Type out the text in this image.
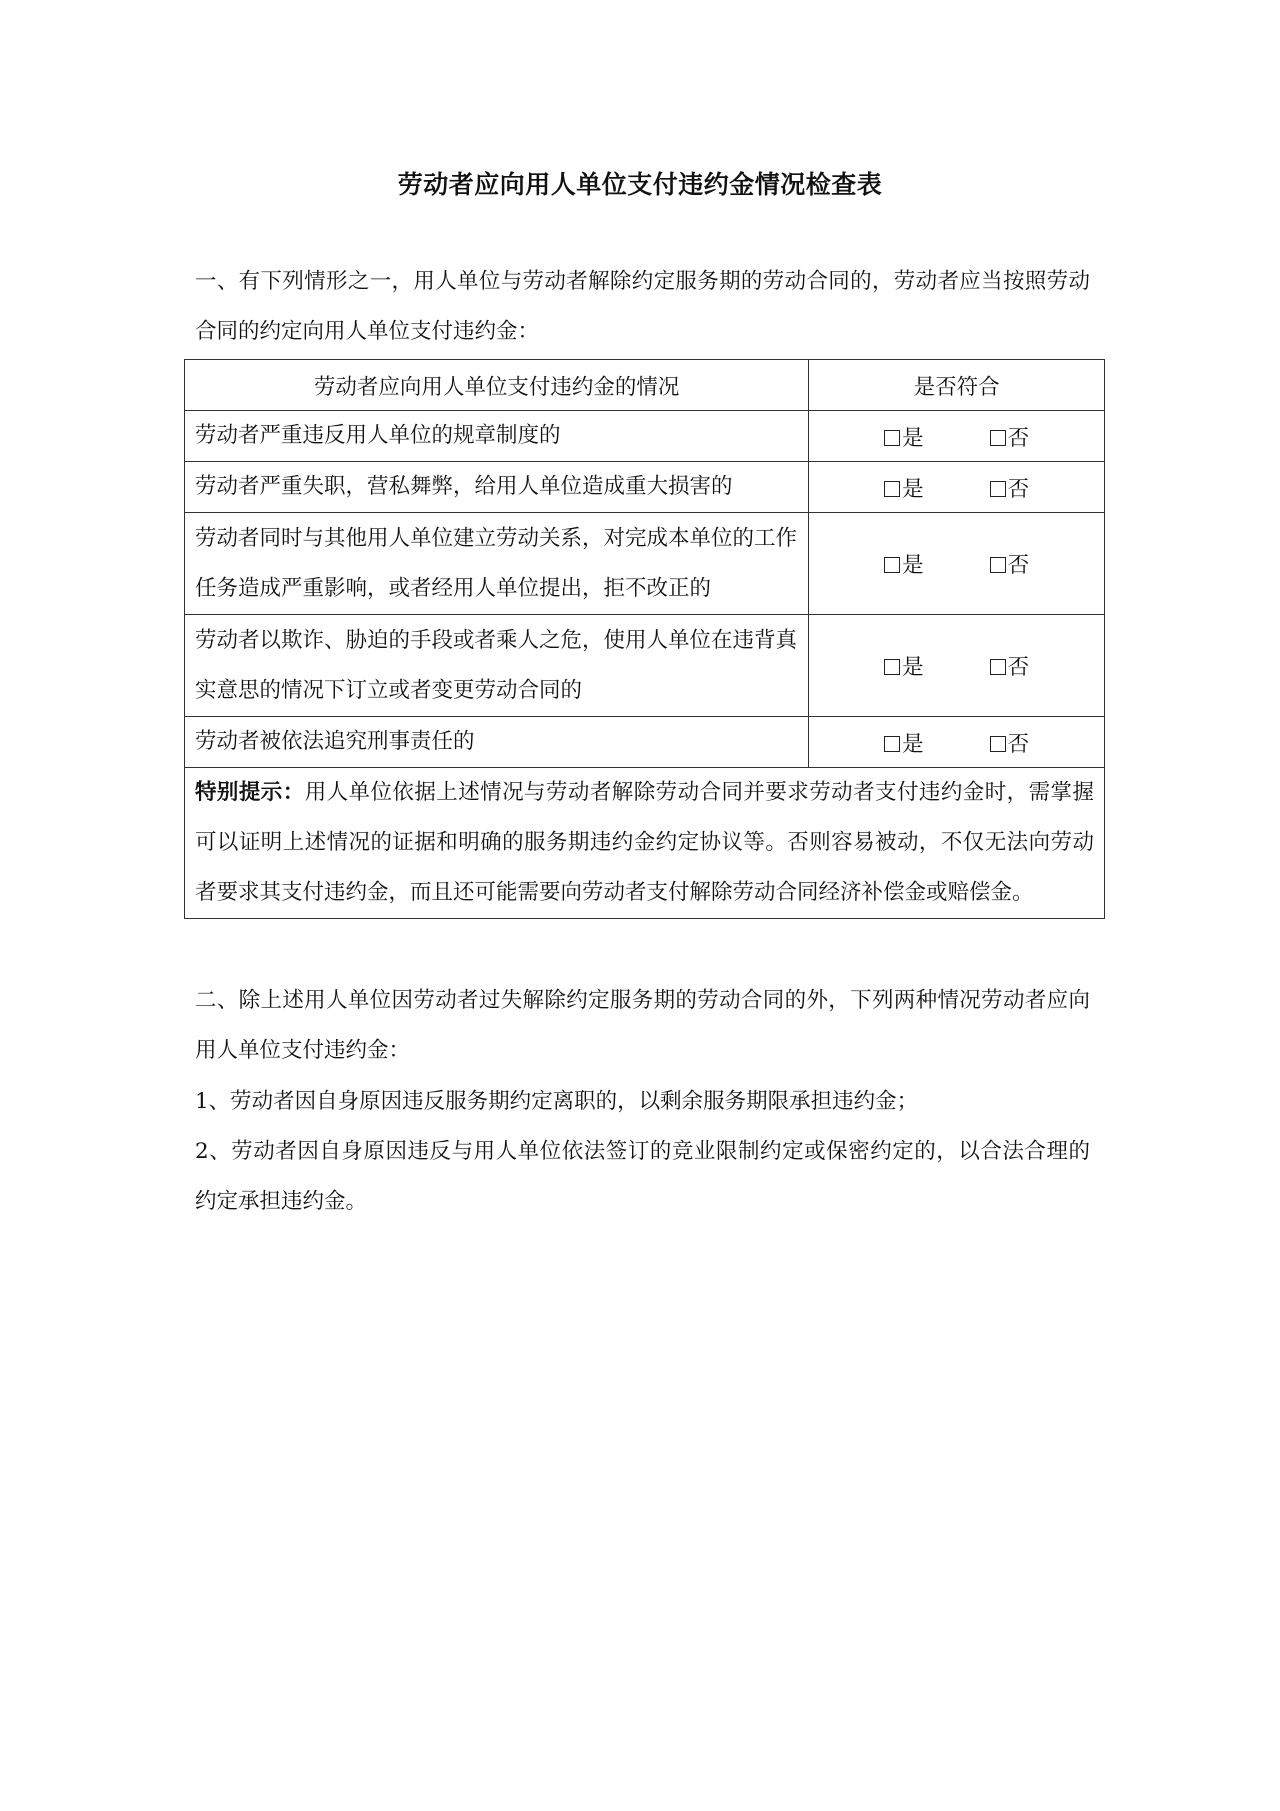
劳动者应向用人单位支付违约金情况检查表
一、有下列情形之一，用人单位与劳动者解除约定服务期的劳动合同的，劳动者应当按照劳动合同的约定向用人单位支付违约金：
劳动者应向用人单位支付违约金的情况	是否符合
劳动者严重违反用人单位的规章制度的	是 否
劳动者严重失职，营私舞弊，给用人单位造成重大损害的	是 否
劳动者同时与其他用人单位建立劳动关系，对完成本单位的工作任务造成严重影响，或者经用人单位提出，拒不改正的	是 否
劳动者以欺诈、胁迫的手段或者乘人之危，使用人单位在违背真实意思的情况下订立或者变更劳动合同的	是 否
劳动者被依法追究刑事责任的	是 否
特别提示：用人单位依据上述情况与劳动者解除劳动合同并要求劳动者支付违约金时，需掌握可以证明上述情况的证据和明确的服务期违约金约定协议等。否则容易被动，不仅无法向劳动者要求其支付违约金，而且还可能需要向劳动者支付解除劳动合同经济补偿金或赔偿金。	
二、除上述用人单位因劳动者过失解除约定服务期的劳动合同的外，下列两种情况劳动者应向用人单位支付违约金：
1、劳动者因自身原因违反服务期约定离职的，以剩余服务期限承担违约金；
2、劳动者因自身原因违反与用人单位依法签订的竞业限制约定或保密约定的，以合法合理的约定承担违约金。
